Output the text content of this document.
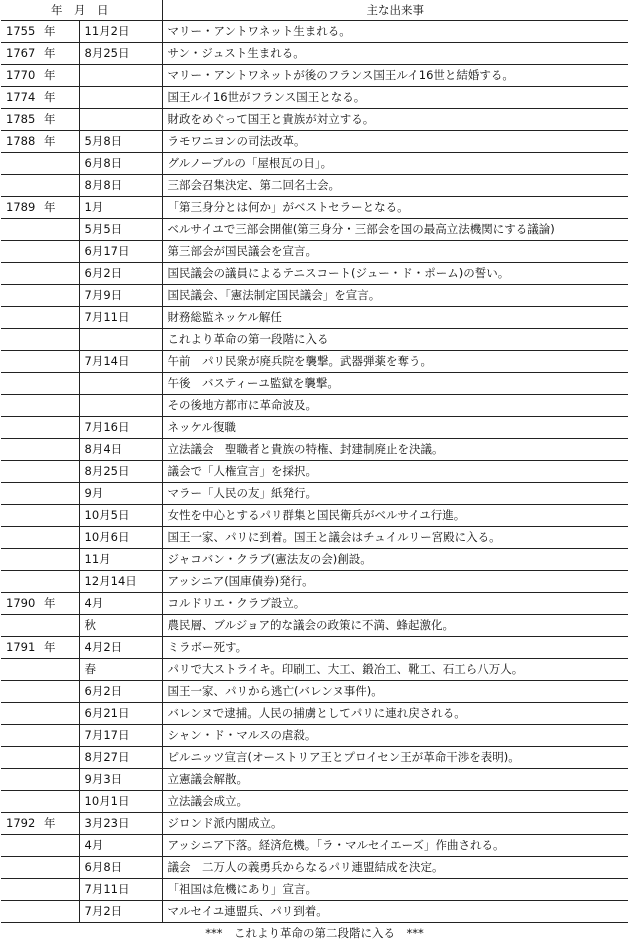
年　月　日		主な出来事
1755 年	11月2日	マリー・アントワネット生まれる。
1767 年	8月25日	サン・ジュスト生まれる。
1770 年		マリー・アントワネットが後のフランス国王ルイ16世と結婚する。
1774 年		国王ルイ16世がフランス国王となる。
1785 年		財政をめぐって国王と貴族が対立する。
1788 年	5月8日	ラモワニヨンの司法改革。
	6月8日	グルノーブルの「屋根瓦の日」。
	8月8日	三部会召集決定、第二回名士会。
1789 年	1月	「第三身分とは何か」がベストセラーとなる。
	5月5日	ベルサイユで三部会開催(第三身分・三部会を国の最高立法機関にする議論)
	6月17日	第三部会が国民議会を宣言。
	6月2日	国民議会の議員によるテニスコート(ジュー・ド・ポーム)の誓い。
	7月9日	国民議会、「憲法制定国民議会」を宣言。
	7月11日	財務総監ネッケル解任
		これより革命の第一段階に入る
	7月14日	午前　パリ民衆が廃兵院を襲撃。武器弾薬を奪う。
		午後　バスティーユ監獄を襲撃。
		その後地方都市に革命波及。
	7月16日	ネッケル復職
	8月4日	立法議会　聖職者と貴族の特権、封建制廃止を決議。
	8月25日	議会で「人権宣言」を採択。
	9月	マラー「人民の友」紙発行。
	10月5日	女性を中心とするパリ群集と国民衛兵がベルサイユ行進。
	10月6日	国王一家、パリに到着。国王と議会はチュイルリー宮殿に入る。
	11月	ジャコバン・クラブ(憲法友の会)創設。
	12月14日	アッシニア(国庫債券)発行。
1790 年	4月	コルドリエ・クラブ設立。
	秋	農民層、ブルジョア的な議会の政策に不満、蜂起激化。
1791 年	4月2日	ミラボー死す。
	春	パリで大ストライキ。印刷工、大工、鍛冶工、靴工、石工ら八万人。
	6月2日	国王一家、パリから逃亡(バレンヌ事件)。
	6月21日	バレンヌで逮捕。人民の捕虜としてパリに連れ戻される。
	7月17日	シャン・ド・マルスの虐殺。
	8月27日	ピルニッツ宣言(オーストリア王とプロイセン王が革命干渉を表明)。
	9月3日	立憲議会解散。
	10月1日	立法議会成立。
1792 年	3月23日	ジロンド派内閣成立。
	4月	アッシニア下落。経済危機。「ラ・マルセイエーズ」作曲される。
	6月8日	議会　二万人の義勇兵からなるパリ連盟結成を決定。
	7月11日	「祖国は危機にあり」宣言。
	7月2日	マルセイユ連盟兵、パリ到着。
***　これより革命の第二段階に入る　***		
